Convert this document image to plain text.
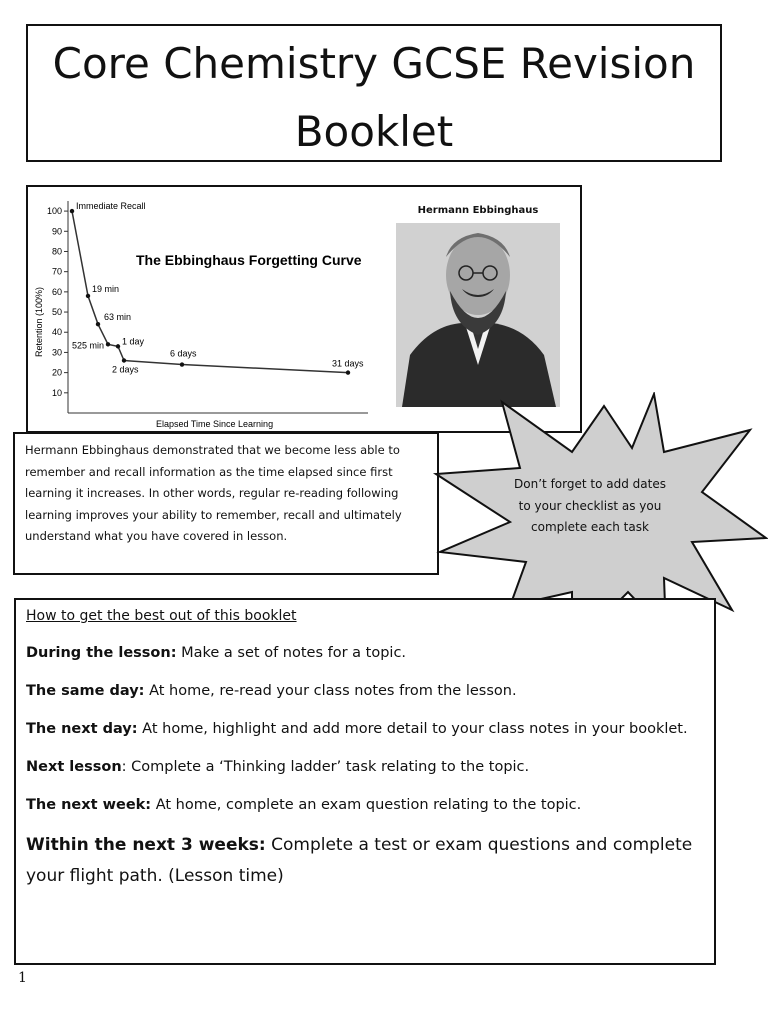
Core Chemistry GCSE Revision
Booklet
100
90
80
70
60
50
40
30
20
10
The Ebbinghaus Forgetting Curve
Retention (100%)
Elapsed Time Since Learning
Immediate Recall
19 min
63 min
525 min 1 day
2 days
6 days
31 days
Hermann Ebbinghaus
Hermann Ebbinghaus demonstrated that we become less able to remember and recall information as the time elapsed since first learning it increases. In other words, regular re-reading following learning improves your ability to remember, recall and ultimately understand what you have covered in lesson.
Don’t forget to add dates to your checklist as you complete each task
How to get the best out of this booklet
During the lesson: Make a set of notes for a topic.
The same day: At home, re-read your class notes from the lesson.
The next day: At home, highlight and add more detail to your class notes in your booklet.
Next lesson: Complete a ‘Thinking ladder’ task relating to the topic.
The next week: At home, complete an exam question relating to the topic.
Within the next 3 weeks: Complete a test or exam questions and complete your flight path. (Lesson time)
1
